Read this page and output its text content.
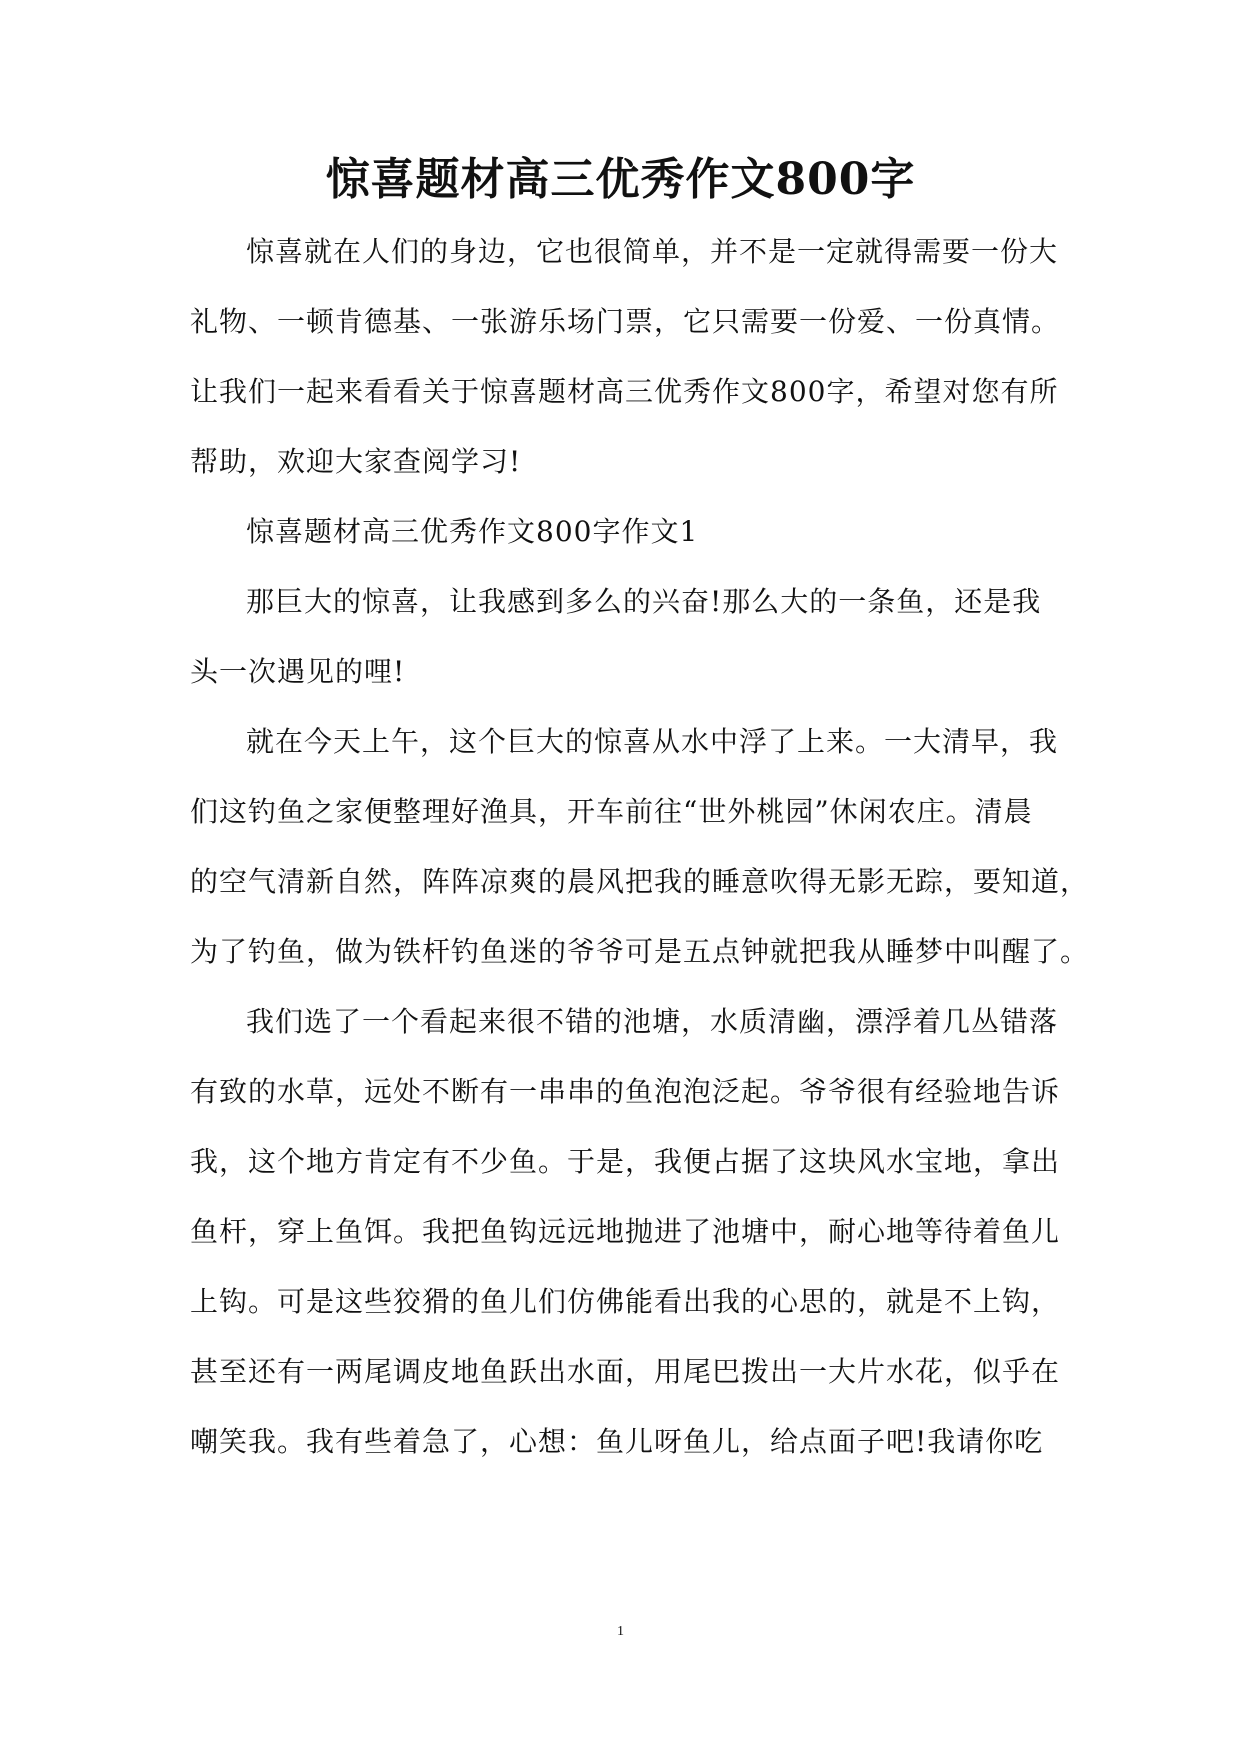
惊喜题材高三优秀作文800字
惊喜就在人们的身边，它也很简单，并不是一定就得需要一份大
礼物、一顿肯德基、一张游乐场门票，它只需要一份爱、一份真情。
让我们一起来看看关于惊喜题材高三优秀作文800字，希望对您有所
帮助，欢迎大家查阅学习!
惊喜题材高三优秀作文800字作文1
那巨大的惊喜，让我感到多么的兴奋!那么大的一条鱼，还是我
头一次遇见的哩!
就在今天上午，这个巨大的惊喜从水中浮了上来。一大清早，我
们这钓鱼之家便整理好渔具，开车前往“世外桃园”休闲农庄。清晨
的空气清新自然，阵阵凉爽的晨风把我的睡意吹得无影无踪，要知道，
为了钓鱼，做为铁杆钓鱼迷的爷爷可是五点钟就把我从睡梦中叫醒了。
我们选了一个看起来很不错的池塘，水质清幽，漂浮着几丛错落
有致的水草，远处不断有一串串的鱼泡泡泛起。爷爷很有经验地告诉
我，这个地方肯定有不少鱼。于是，我便占据了这块风水宝地，拿出
鱼杆，穿上鱼饵。我把鱼钩远远地抛进了池塘中，耐心地等待着鱼儿
上钩。可是这些狡猾的鱼儿们仿佛能看出我的心思的，就是不上钩，
甚至还有一两尾调皮地鱼跃出水面，用尾巴拨出一大片水花，似乎在
嘲笑我。我有些着急了，心想：鱼儿呀鱼儿，给点面子吧!我请你吃
1
